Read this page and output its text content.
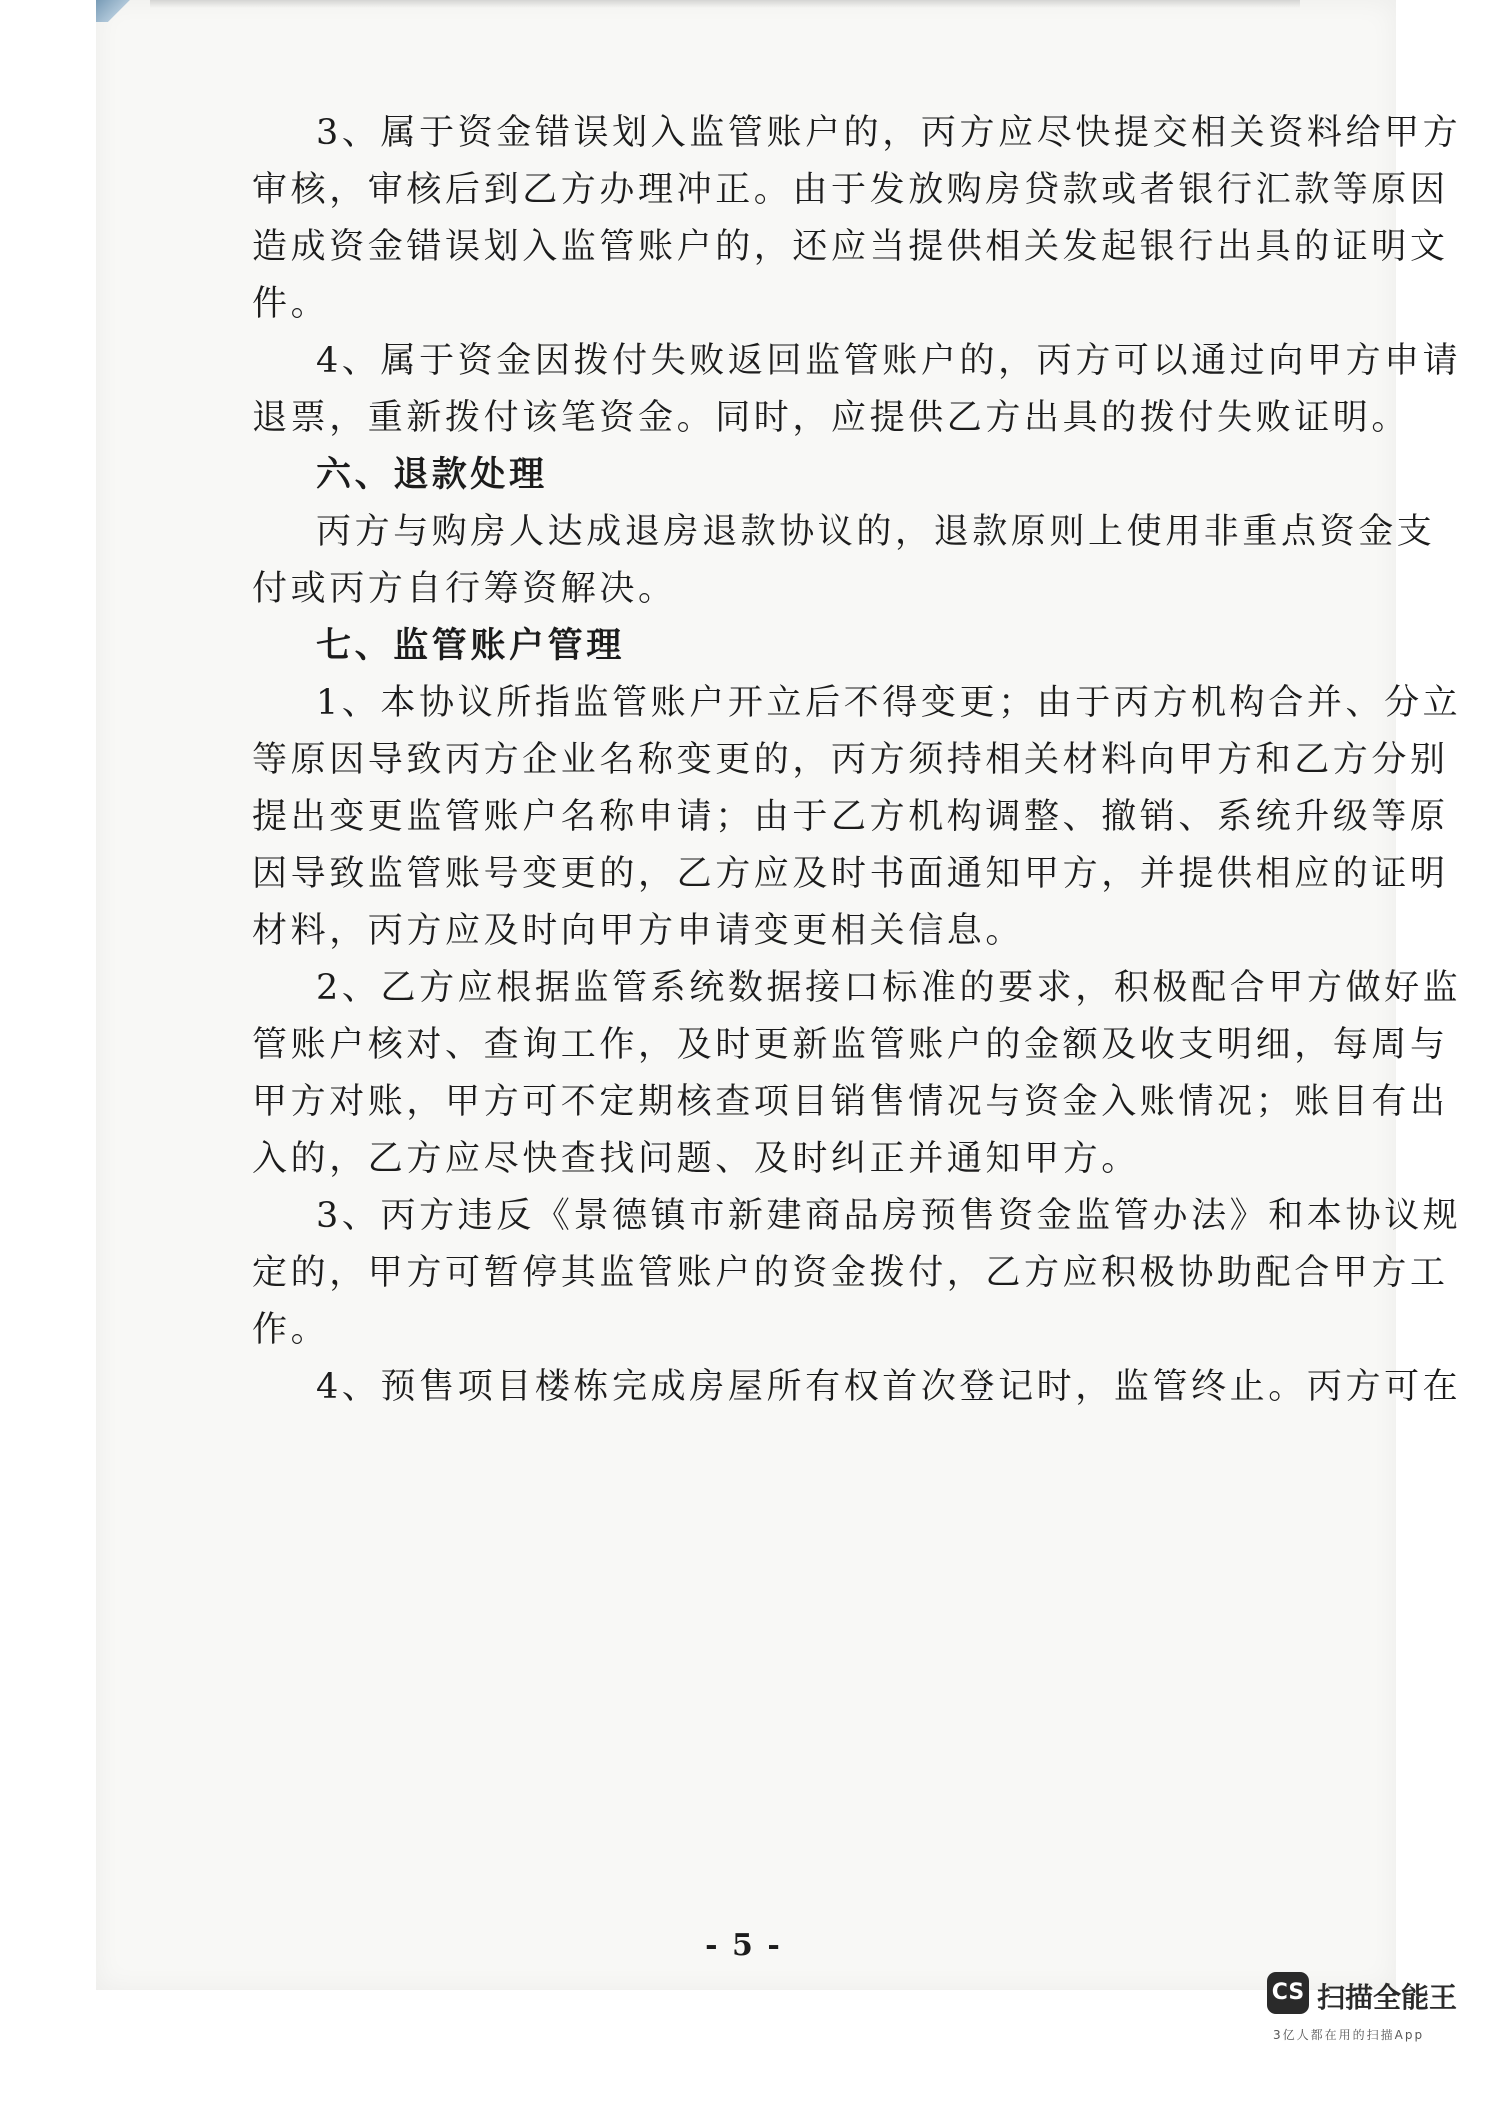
3、属于资金错误划入监管账户的，丙方应尽快提交相关资料给甲方
审核，审核后到乙方办理冲正。由于发放购房贷款或者银行汇款等原因
造成资金错误划入监管账户的，还应当提供相关发起银行出具的证明文
件。
4、属于资金因拨付失败返回监管账户的，丙方可以通过向甲方申请
退票，重新拨付该笔资金。同时，应提供乙方出具的拨付失败证明。
六、退款处理
丙方与购房人达成退房退款协议的，退款原则上使用非重点资金支
付或丙方自行筹资解决。
七、监管账户管理
1、本协议所指监管账户开立后不得变更；由于丙方机构合并、分立
等原因导致丙方企业名称变更的，丙方须持相关材料向甲方和乙方分别
提出变更监管账户名称申请；由于乙方机构调整、撤销、系统升级等原
因导致监管账号变更的，乙方应及时书面通知甲方，并提供相应的证明
材料，丙方应及时向甲方申请变更相关信息。
2、乙方应根据监管系统数据接口标准的要求，积极配合甲方做好监
管账户核对、查询工作，及时更新监管账户的金额及收支明细，每周与
甲方对账，甲方可不定期核查项目销售情况与资金入账情况；账目有出
入的，乙方应尽快查找问题、及时纠正并通知甲方。
3、丙方违反《景德镇市新建商品房预售资金监管办法》和本协议规
定的，甲方可暂停其监管账户的资金拨付，乙方应积极协助配合甲方工
作。
4、预售项目楼栋完成房屋所有权首次登记时，监管终止。丙方可在
- 5 -
CS 扫描全能王
3亿人都在用的扫描App
